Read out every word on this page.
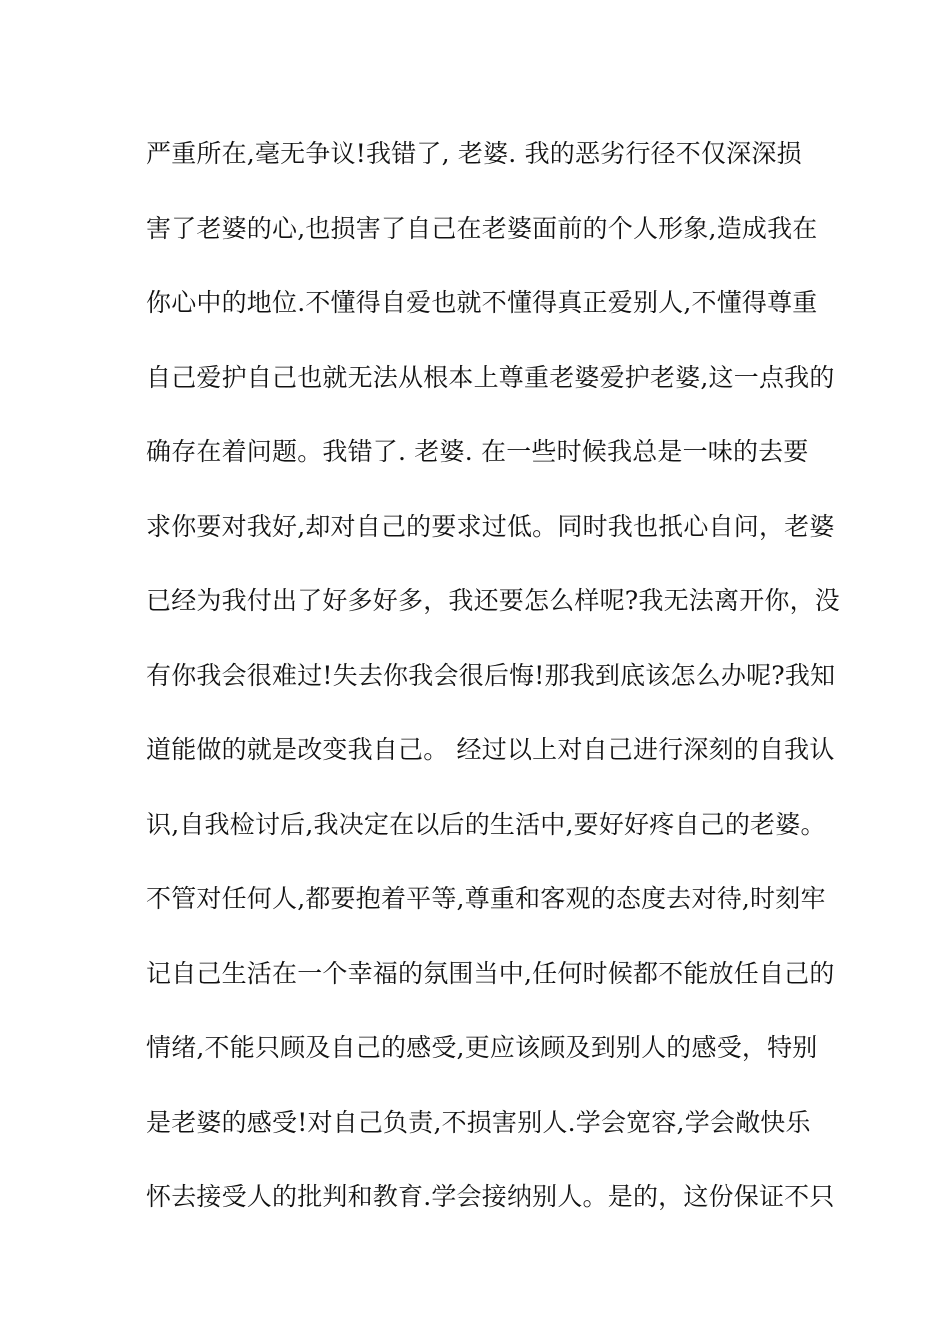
严重所在,毫无争议!我错了, 老婆. 我的恶劣行径不仅深深损
害了老婆的心,也损害了自己在老婆面前的个人形象,造成我在
你心中的地位.不懂得自爱也就不懂得真正爱别人,不懂得尊重
自己爱护自己也就无法从根本上尊重老婆爱护老婆,这一点我的
确存在着问题。我错了. 老婆. 在一些时候我总是一味的去要
求你要对我好,却对自己的要求过低。同时我也扺心自问，老婆
已经为我付出了好多好多，我还要怎么样呢?我无法离开你，没
有你我会很难过!失去你我会很后悔!那我到底该怎么办呢?我知
道能做的就是改变我自己。 经过以上对自己进行深刻的自我认
识,自我检讨后,我决定在以后的生活中,要好好疼自己的老婆。
不管对任何人,都要抱着平等,尊重和客观的态度去对待,时刻牢
记自己生活在一个幸福的氛围当中,任何时候都不能放任自己的
情绪,不能只顾及自己的感受,更应该顾及到别人的感受，特别
是老婆的感受!对自己负责,不损害别人.学会宽容,学会敞快乐
怀去接受人的批判和教育.学会接纳别人。是的，这份保证不只
